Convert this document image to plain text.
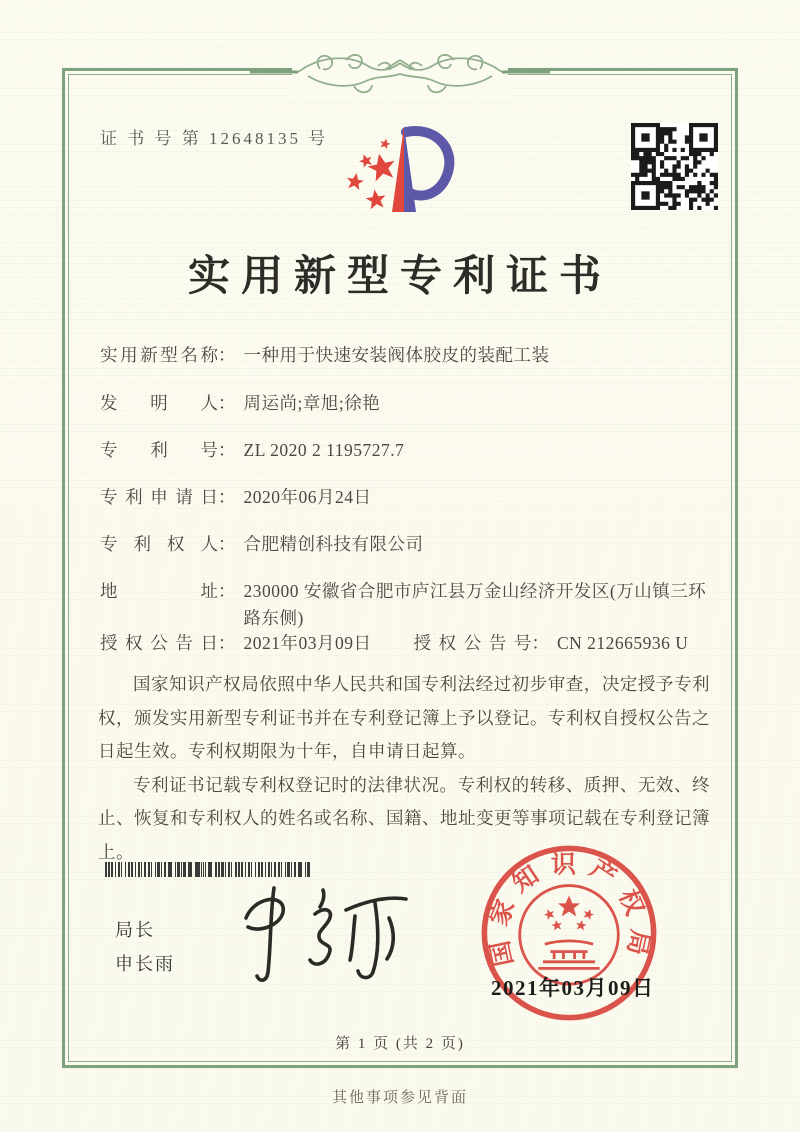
证 书 号 第 12648135 号
实用新型专利证书
实用新型名称 ： 一种用于快速安装阀体胶皮的装配工装
发明人 ： 周运尚;章旭;徐艳
专利号 ： ZL 2020 2 1195727.7
专利申请日 ： 2020年06月24日
专利权人 ： 合肥精创科技有限公司
地址 ： 230000 安徽省合肥市庐江县万金山经济开发区(万山镇三环路东侧)
授权公告日 ： 2021年03月09日 授权公告号 ： CN 212665936 U

国家知识产权局依照中华人民共和国专利法经过初步审查，决定授予专利权，颁发实用新型专利证书并在专利登记簿上予以登记。专利权自授权公告之日起生效。专利权期限为十年，自申请日起算。

专利证书记载专利权登记时的法律状况。专利权的转移、质押、无效、终止、恢复和专利权人的姓名或名称、国籍、地址变更等事项记载在专利登记簿上。

局长
申长雨	国家知识产权局
2021年03月09日
第 1 页 (共 2 页)
其他事项参见背面
